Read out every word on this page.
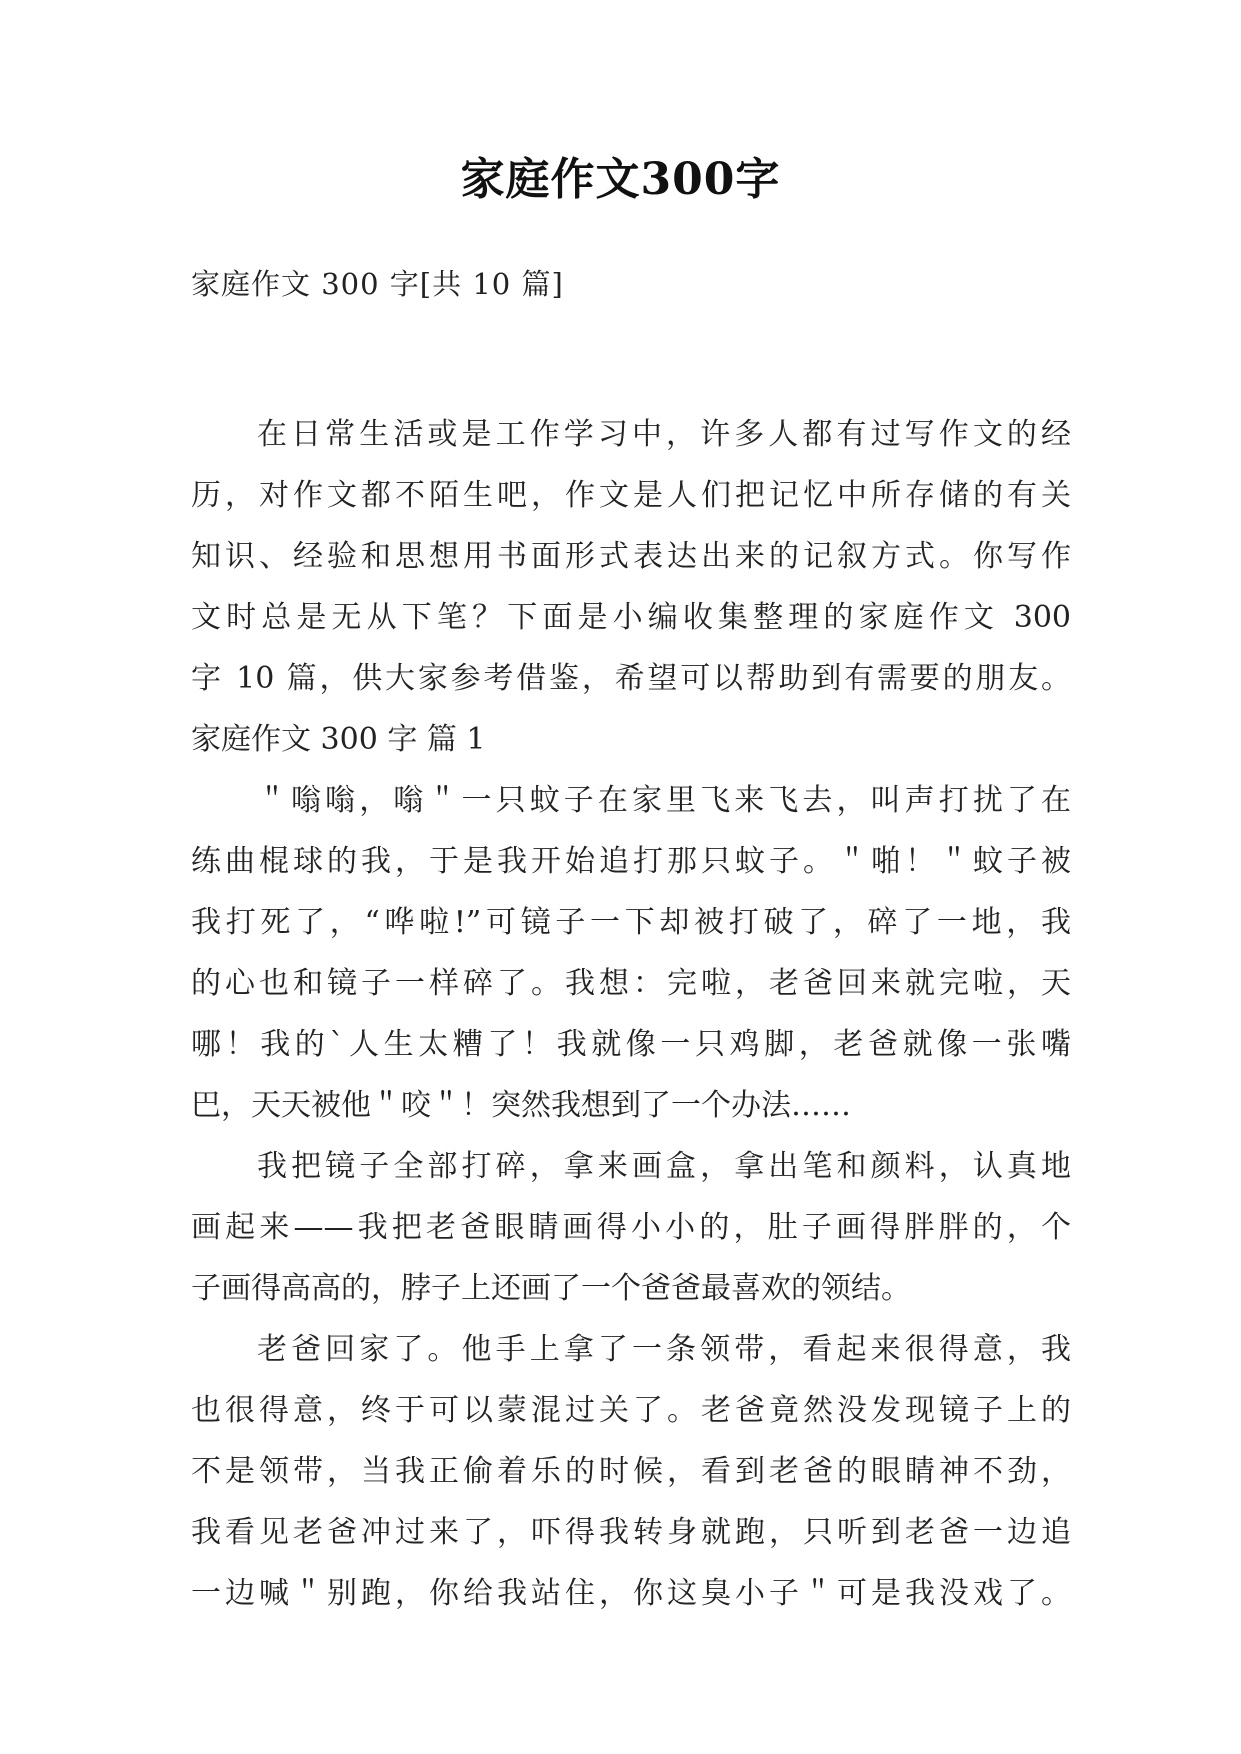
家庭作文300字
家庭作文 300 字[共 10 篇]
在日常生活或是工作学习中，许多人都有过写作文的经
历，对作文都不陌生吧，作文是人们把记忆中所存储的有关
知识、经验和思想用书面形式表达出来的记叙方式。你写作
文时总是无从下笔？下面是小编收集整理的家庭作文 300
字 10 篇，供大家参考借鉴，希望可以帮助到有需要的朋友。
家庭作文 300 字 篇 1
＂嗡嗡，嗡＂一只蚊子在家里飞来飞去，叫声打扰了在
练曲棍球的我，于是我开始追打那只蚊子。＂啪！＂蚊子被
我打死了，“哗啦!”可镜子一下却被打破了，碎了一地，我
的心也和镜子一样碎了。我想：完啦，老爸回来就完啦，天
哪！我的`人生太糟了！我就像一只鸡脚，老爸就像一张嘴
巴，天天被他＂咬＂！突然我想到了一个办法……
我把镜子全部打碎，拿来画盒，拿出笔和颜料，认真地
画起来——我把老爸眼睛画得小小的，肚子画得胖胖的，个
子画得高高的，脖子上还画了一个爸爸最喜欢的领结。
老爸回家了。他手上拿了一条领带，看起来很得意，我
也很得意，终于可以蒙混过关了。老爸竟然没发现镜子上的
不是领带，当我正偷着乐的时候，看到老爸的眼睛神不劲，
我看见老爸冲过来了，吓得我转身就跑，只听到老爸一边追
一边喊＂别跑，你给我站住，你这臭小子＂可是我没戏了。
